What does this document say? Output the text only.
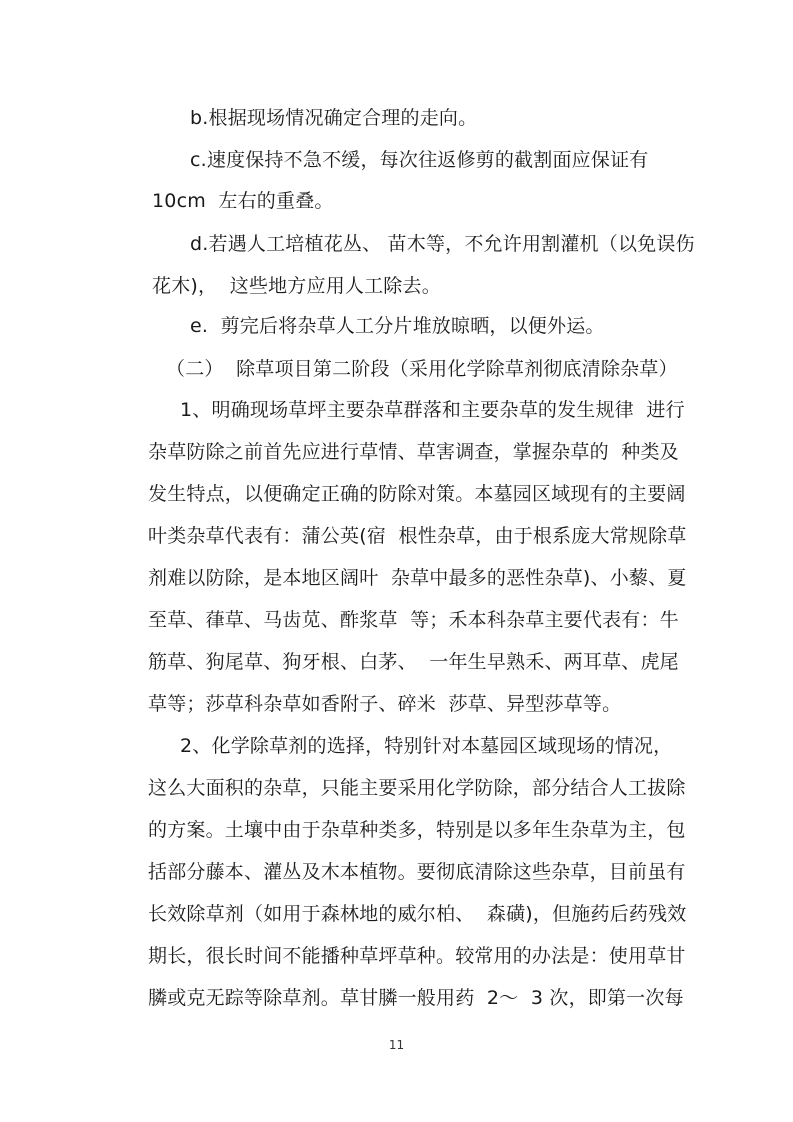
b.根据现场情况确定合理的走向。
c.速度保持不急不缓，每次往返修剪的截割面应保证有
10cm  左右的重叠。
d.若遇人工培植花丛、 苗木等，不允许用割灌机（以免误伤
花木)，  这些地方应用人工除去。
e.  剪完后将杂草人工分片堆放晾晒，以便外运。
（二）  除草项目第二阶段（采用化学除草剂彻底清除杂草）
1、明确现场草坪主要杂草群落和主要杂草的发生规律  进行
杂草防除之前首先应进行草情、草害调查，掌握杂草的  种类及
发生特点，以便确定正确的防除对策。本墓园区域现有的主要阔
叶类杂草代表有：蒲公英(宿  根性杂草，由于根系庞大常规除草
剂难以防除，是本地区阔叶  杂草中最多的恶性杂草)、小藜、夏
至草、葎草、马齿苋、酢浆草  等；禾本科杂草主要代表有：牛
筋草、狗尾草、狗牙根、白茅、  一年生早熟禾、两耳草、虎尾
草等；莎草科杂草如香附子、碎米  莎草、异型莎草等。
2、化学除草剂的选择，特别针对本墓园区域现场的情况，
这么大面积的杂草，只能主要采用化学防除，部分结合人工拔除
的方案。土壤中由于杂草种类多，特别是以多年生杂草为主，包
括部分藤本、灌丛及木本植物。要彻底清除这些杂草，目前虽有
长效除草剂（如用于森林地的威尔柏、  森磺)，但施药后药残效
期长，很长时间不能播种草坪草种。较常用的办法是：使用草甘
膦或克无踪等除草剂。草甘膦一般用药  2～  3 次，即第一次每
11
